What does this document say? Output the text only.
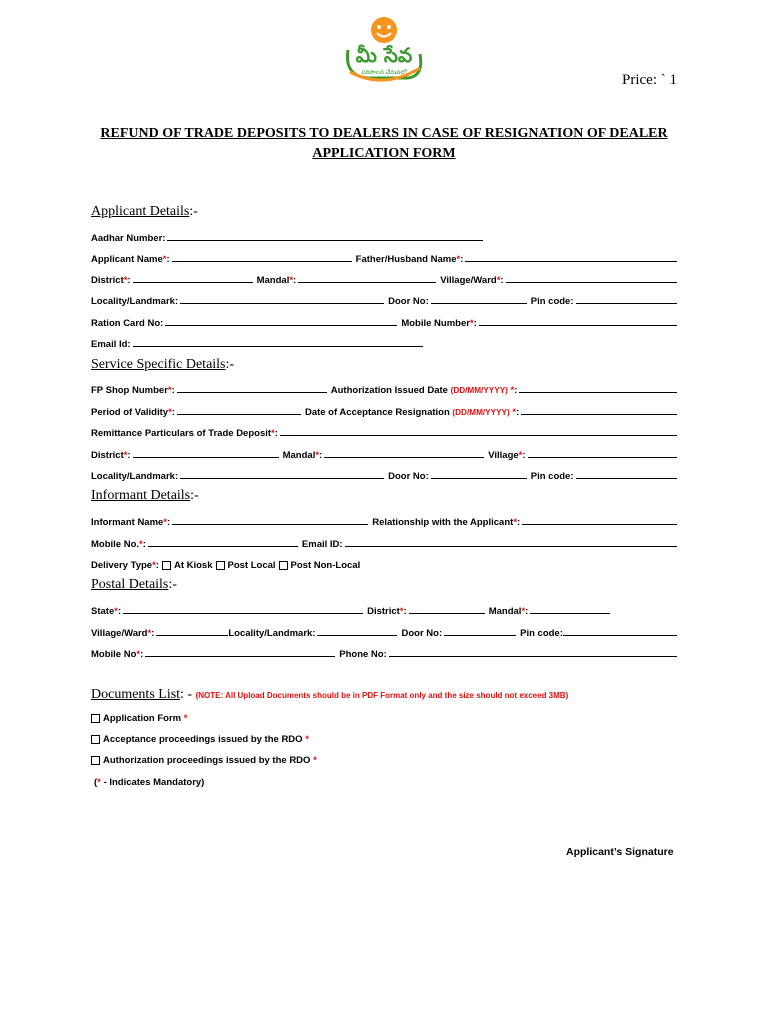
మీ సేవ
పరిపాలన చేరువలో	Price: ` 1
REFUND OF TRADE DEPOSITS TO DEALERS IN CASE OF RESIGNATION OF DEALER
APPLICATION FORM
Applicant Details:-
Aadhar Number:
Applicant Name*:	Father/Husband Name*:
District*:	Mandal*:	Village/Ward*:
Locality/Landmark:	Door No:	Pin code:
Ration Card No:	Mobile Number*:
Email Id:
Service Specific Details:-
FP Shop Number*:	Authorization Issued Date (DD/MM/YYYY) *:
Period of Validity*:	Date of Acceptance Resignation (DD/MM/YYYY) *:
Remittance Particulars of Trade Deposit*:
District*:	Mandal*:	Village*:
Locality/Landmark:	Door No:	Pin code:
Informant Details:-
Informant Name*:	Relationship with the Applicant*:
Mobile No.*:	Email ID:
Delivery Type*: At Kiosk Post Local Post Non-Local
Postal Details:-
State*:	District*:	Mandal*:
Village/Ward*:	Locality/Landmark:	Door No:	Pin code:
Mobile No*:	Phone No:
Documents List: - (NOTE: All Upload Documents should be in PDF Format only and the size should not exceed 3MB)
Application Form
*
Acceptance proceedings issued by the RDO
*
Authorization proceedings issued by the RDO
*
( *
- Indicates Mandatory)
Applicant’s Signature
